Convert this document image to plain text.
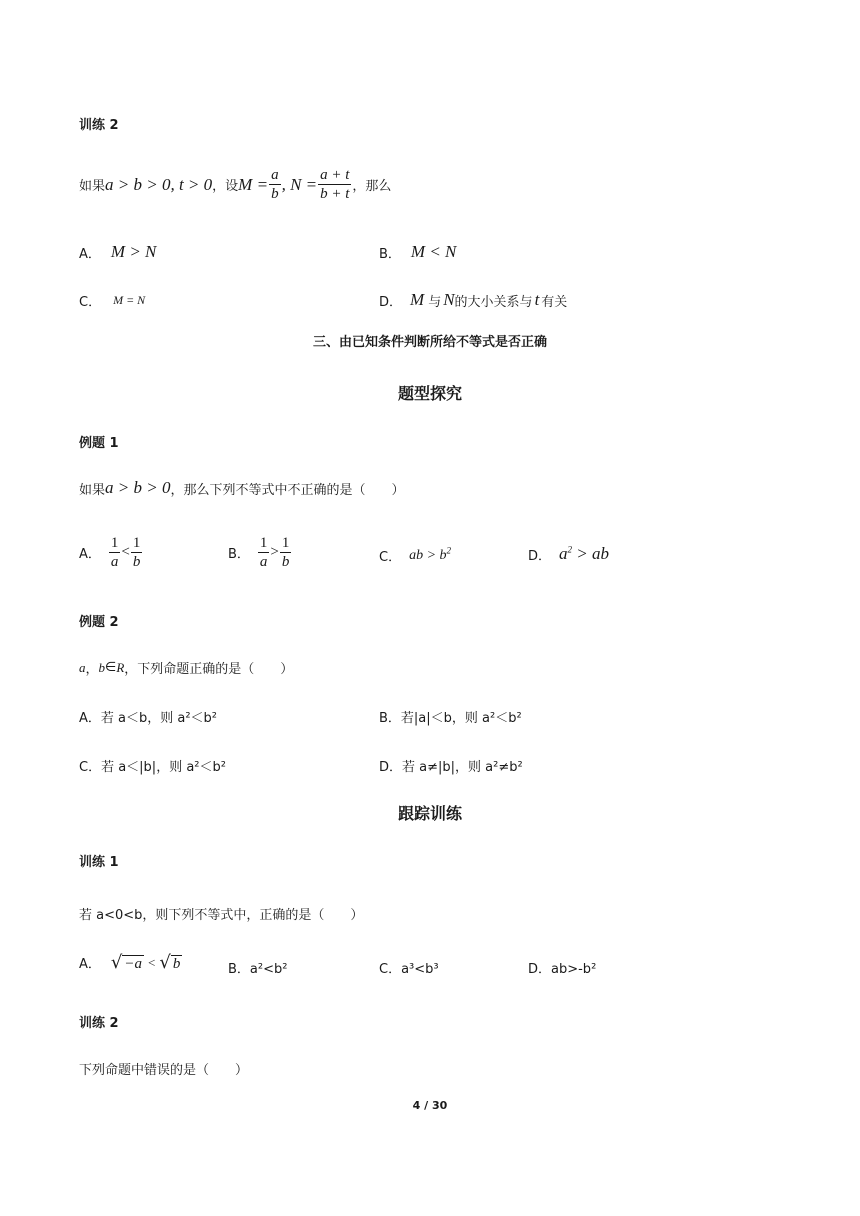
训练 2
如果 a > b > 0, t > 0 ，设 $M = \frac{a}{b}$ , $N = \frac{a + t}{b + t}$ ，那么
A． M > N	B． M < N
C． M = N	D． M 与 N 的大小关系与 t 有关
三、由已知条件判断所给不等式是否正确
题型探究
例题 1
如果 a > b > 0 ，那么下列不等式中不正确的是（　　）
A． $\frac{1}{a} < \frac{1}{b}$	B． $\frac{1}{a} > \frac{1}{b}$	C． ab > $b^2$	D． $a^2$ > ab
例题 2
a ， b ∈ R ，下列命题正确的是（　　）
A．若 a＜b，则 a²＜b²	B．若|a|＜b，则 a²＜b²
C．若 a＜|b|，则 a²＜b²	D．若 a≠|b|，则 a²≠b²
跟踪训练
训练 1
若 a<0<b，则下列不等式中，正确的是（　　）
A． √ −a < √ b	B．a²<b²	C．a³<b³	D．ab>-b²
训练 2
下列命题中错误的是（　　）
4 / 30
